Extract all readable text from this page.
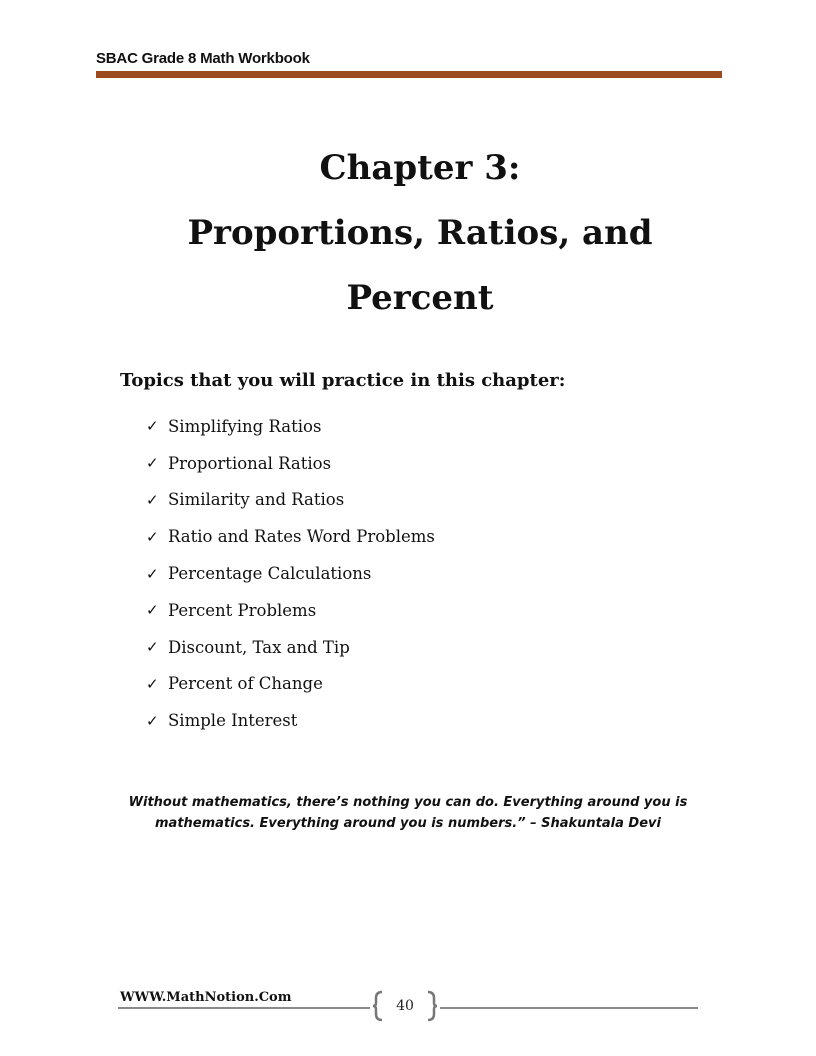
SBAC Grade 8 Math Workbook
Chapter 3:
Proportions, Ratios, and
Percent
Topics that you will practice in this chapter:
✓ Simplifying Ratios
✓ Proportional Ratios
✓ Similarity and Ratios
✓ Ratio and Rates Word Problems
✓ Percentage Calculations
✓ Percent Problems
✓ Discount, Tax and Tip
✓ Percent of Change
✓ Simple Interest
Without mathematics, there’s nothing you can do. Everything around you is
mathematics. Everything around you is numbers.” – Shakuntala Devi
WWW.MathNotion.Com
40
